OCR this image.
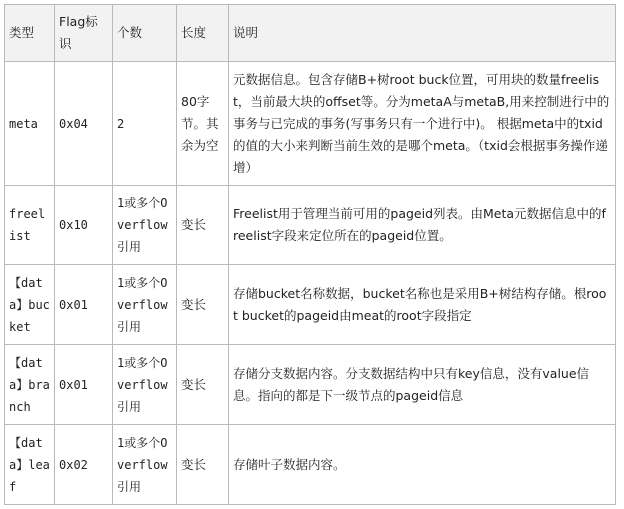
类型	Flag标识	个数	长度	说明
meta	0x04	2	80字节。其余为空	元数据信息。包含存储B+树root buck位置，可用块的数量freelist，当前最大块的offset等。分为metaA与metaB,用来控制进行中的事务与已完成的事务(写事务只有一个进行中)。 根据meta中的txid的值的大小来判断当前生效的是哪个meta。（txid会根据事务操作递增）
freelist	0x10	1或多个Overflow引用	变长	Freelist用于管理当前可用的pageid列表。由Meta元数据信息中的freelist字段来定位所在的pageid位置。
【data】bucket	0x01	1或多个Overflow引用	变长	存储bucket名称数据，bucket名称也是采用B+树结构存储。根root bucket的pageid由meat的root字段指定
【data】branch	0x01	1或多个Overflow引用	变长	存储分支数据内容。分支数据结构中只有key信息，没有value信息。指向的都是下一级节点的pageid信息
【data】leaf	0x02	1或多个Overflow引用	变长	存储叶子数据内容。
